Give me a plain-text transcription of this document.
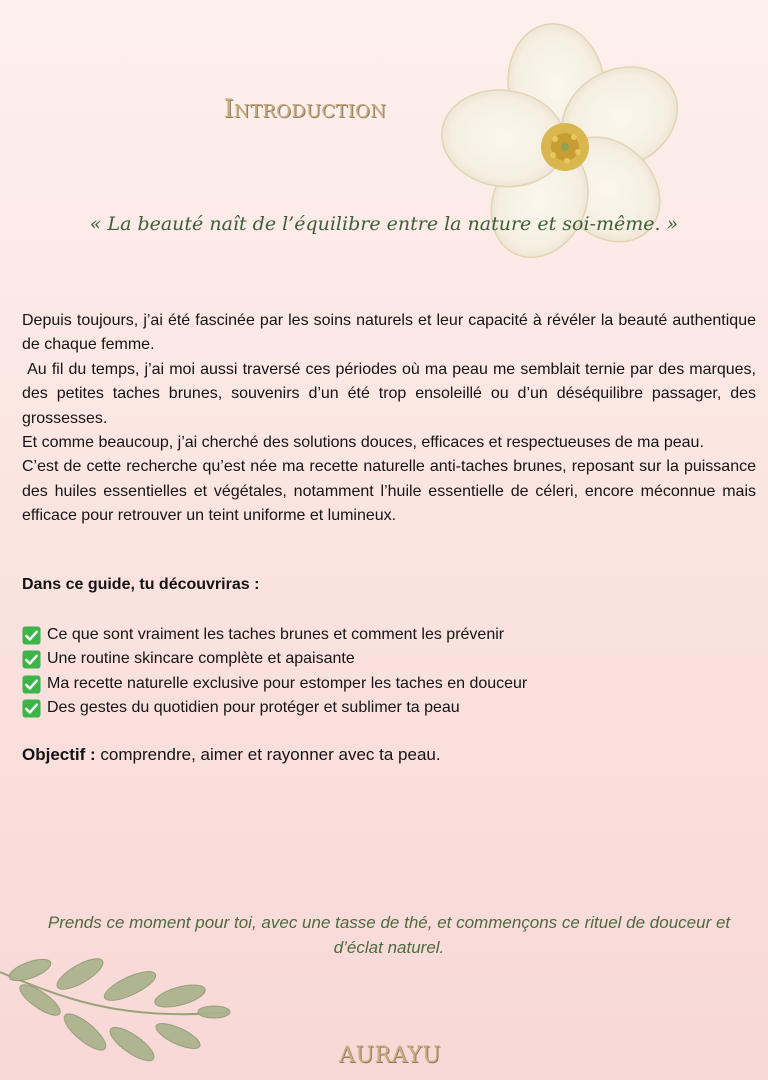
Introduction

« La beauté naît de l’équilibre entre la nature et soi-même. »

Depuis toujours, j’ai été fascinée par les soins naturels et leur capacité à révéler la beauté authentique de chaque femme.

Au fil du temps, j’ai moi aussi traversé ces périodes où ma peau me semblait ternie par des marques, des petites taches brunes, souvenirs d’un été trop ensoleillé ou d’un déséquilibre passager, des grossesses.

Et comme beaucoup, j’ai cherché des solutions douces, efficaces et respectueuses de ma peau.

C’est de cette recherche qu’est née ma recette naturelle anti-taches brunes, reposant sur la puissance des huiles essentielles et végétales, notamment l’huile essentielle de céleri, encore méconnue mais efficace pour retrouver un teint uniforme et lumineux.

Dans ce guide, tu découvriras :

Ce que sont vraiment les taches brunes et comment les prévenir
Une routine skincare complète et apaisante
Ma recette naturelle exclusive pour estomper les taches en douceur
Des gestes du quotidien pour protéger et sublimer ta peau

Objectif : comprendre, aimer et rayonner avec ta peau.

Prends ce moment pour toi, avec une tasse de thé, et commençons ce rituel de douceur et d’éclat naturel.

AURAYU
